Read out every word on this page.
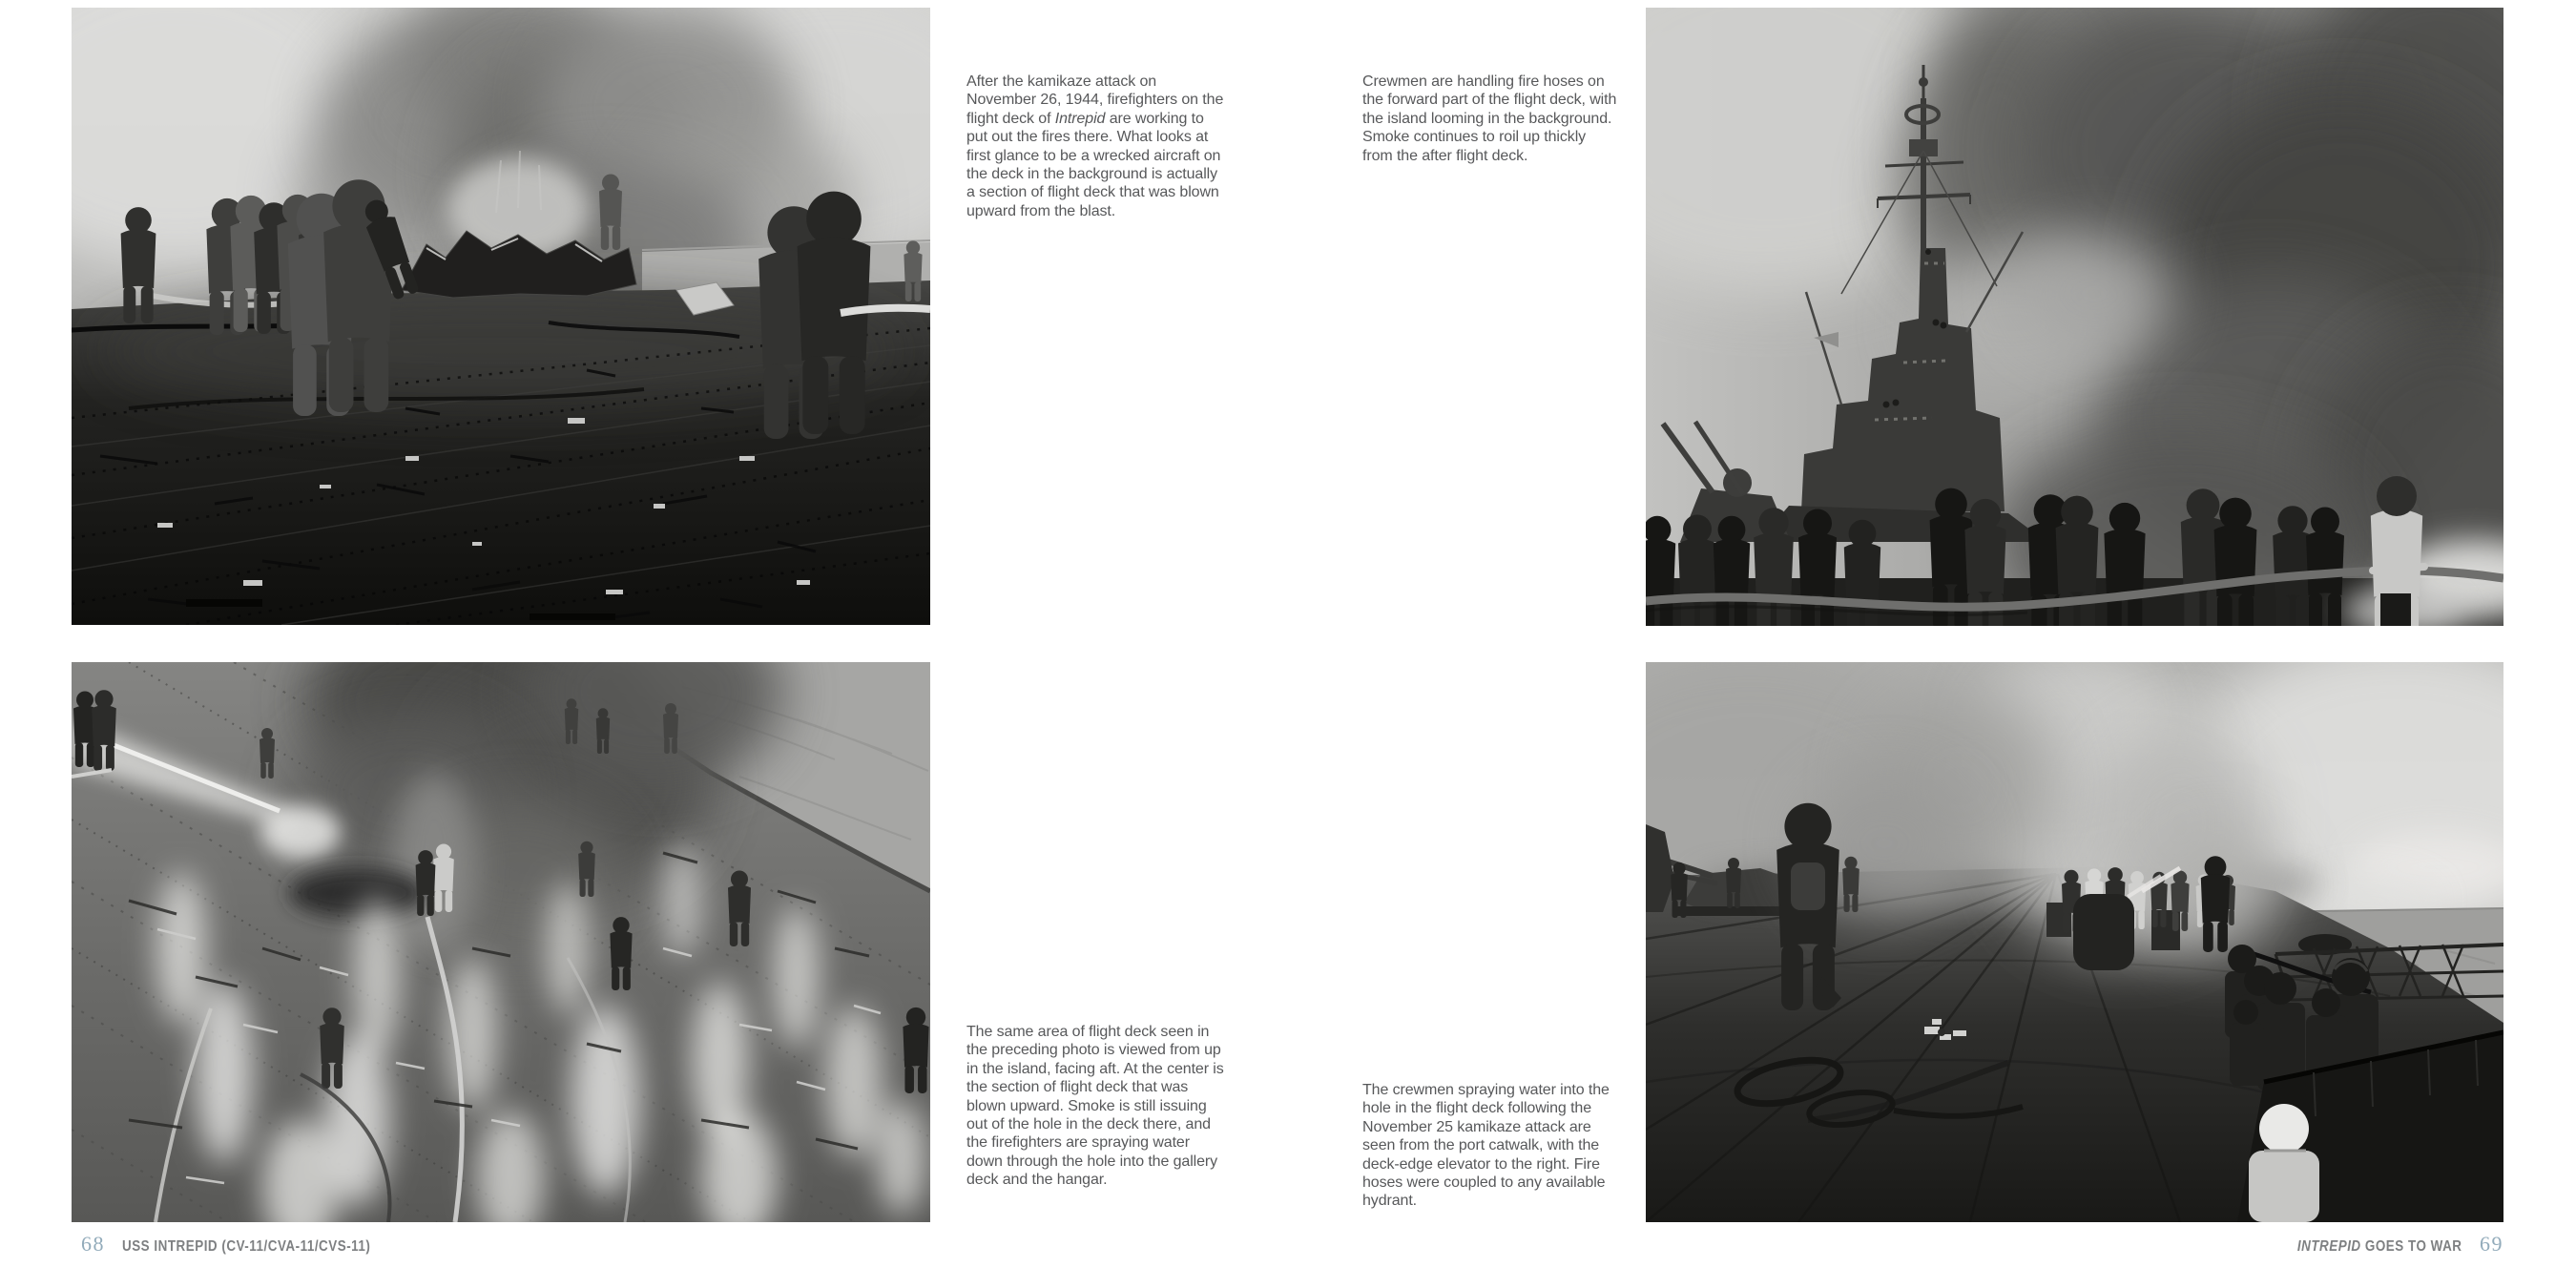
After the kamikaze attack on November 26, 1944, firefighters on the flight deck of Intrepid are working to put out the fires there. What looks at first glance to be a wrecked aircraft on the deck in the background is actually a section of flight deck that was blown upward from the blast.
Crewmen are handling fire hoses on the forward part of the flight deck, with the island looming in the background. Smoke continues to roil up thickly from the after flight deck.
The same area of flight deck seen in the preceding photo is viewed from up in the island, facing aft. At the center is the section of flight deck that was blown upward. Smoke is still issuing out of the hole in the deck there, and the firefighters are spraying water down through the hole into the gallery deck and the hangar.
The crewmen spraying water into the hole in the flight deck following the November 25 kamikaze attack are seen from the port catwalk, with the deck-edge elevator to the right. Fire hoses were coupled to any available hydrant.
68 USS INTREPID (CV-11/CVA-11/CVS-11)	INTREPID GOES TO WAR 69
